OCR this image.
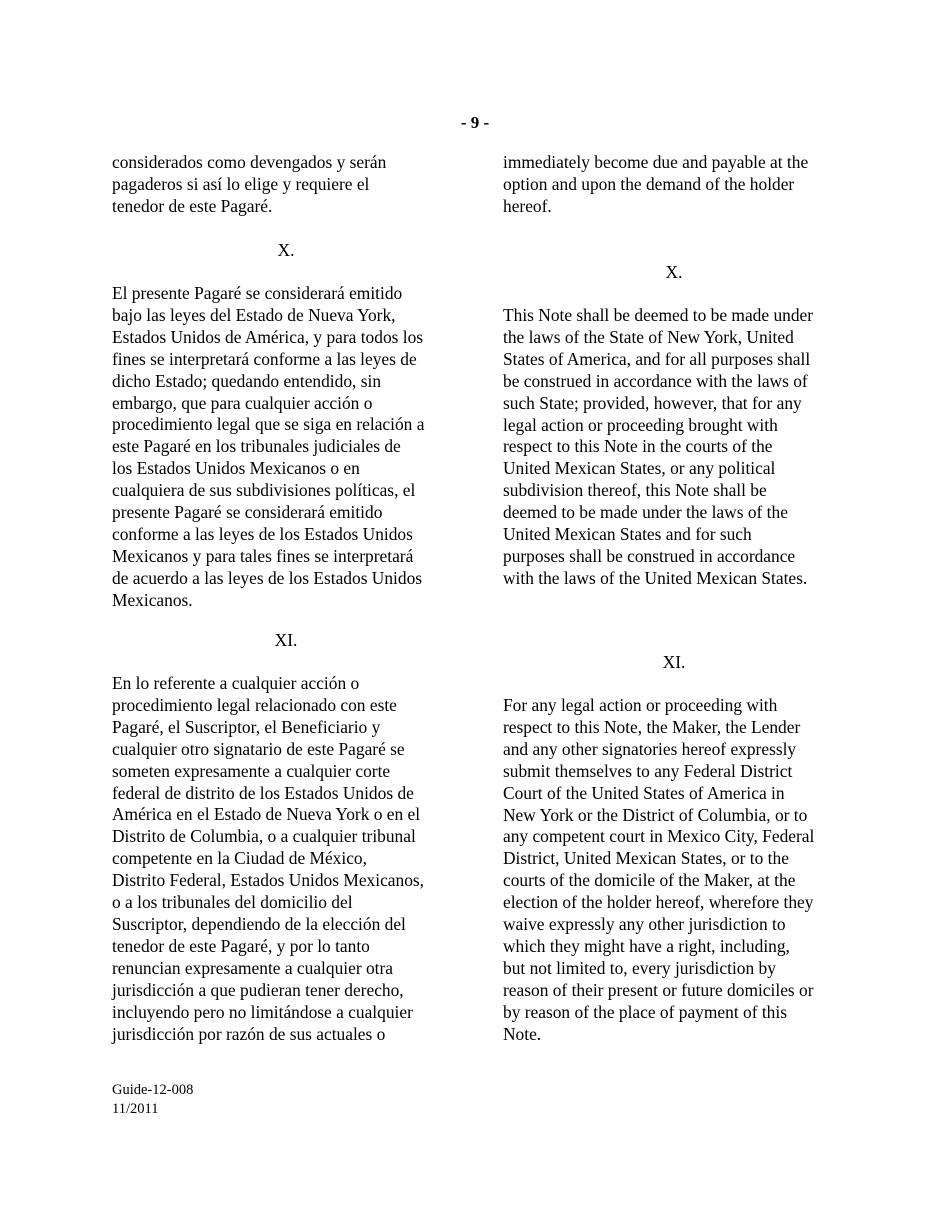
- 9 -
considerados como devengados y serán
pagaderos si así lo elige y requiere el
tenedor de este Pagaré.
X.
El presente Pagaré se considerará emitido
bajo las leyes del Estado de Nueva York,
Estados Unidos de América, y para todos los
fines se interpretará conforme a las leyes de
dicho Estado; quedando entendido, sin
embargo, que para cualquier acción o
procedimiento legal que se siga en relación a
este Pagaré en los tribunales judiciales de
los Estados Unidos Mexicanos o en
cualquiera de sus subdivisiones políticas, el
presente Pagaré se considerará emitido
conforme a las leyes de los Estados Unidos
Mexicanos y para tales fines se interpretará
de acuerdo a las leyes de los Estados Unidos
Mexicanos.
XI.
En lo referente a cualquier acción o
procedimiento legal relacionado con este
Pagaré, el Suscriptor, el Beneficiario y
cualquier otro signatario de este Pagaré se
someten expresamente a cualquier corte
federal de distrito de los Estados Unidos de
América en el Estado de Nueva York o en el
Distrito de Columbia, o a cualquier tribunal
competente en la Ciudad de México,
Distrito Federal, Estados Unidos Mexicanos,
o a los tribunales del domicilio del
Suscriptor, dependiendo de la elección del
tenedor de este Pagaré, y por lo tanto
renuncian expresamente a cualquier otra
jurisdicción a que pudieran tener derecho,
incluyendo pero no limitándose a cualquier
jurisdicción por razón de sus actuales o
immediately become due and payable at the
option and upon the demand of the holder
hereof.
X.
This Note shall be deemed to be made under
the laws of the State of New York, United
States of America, and for all purposes shall
be construed in accordance with the laws of
such State; provided, however, that for any
legal action or proceeding brought with
respect to this Note in the courts of the
United Mexican States, or any political
subdivision thereof, this Note shall be
deemed to be made under the laws of the
United Mexican States and for such
purposes shall be construed in accordance
with the laws of the United Mexican States.
XI.
For any legal action or proceeding with
respect to this Note, the Maker, the Lender
and any other signatories hereof expressly
submit themselves to any Federal District
Court of the United States of America in
New York or the District of Columbia, or to
any competent court in Mexico City, Federal
District, United Mexican States, or to the
courts of the domicile of the Maker, at the
election of the holder hereof, wherefore they
waive expressly any other jurisdiction to
which they might have a right, including,
but not limited to, every jurisdiction by
reason of their present or future domiciles or
by reason of the place of payment of this
Note.
Guide-12-008
11/2011
